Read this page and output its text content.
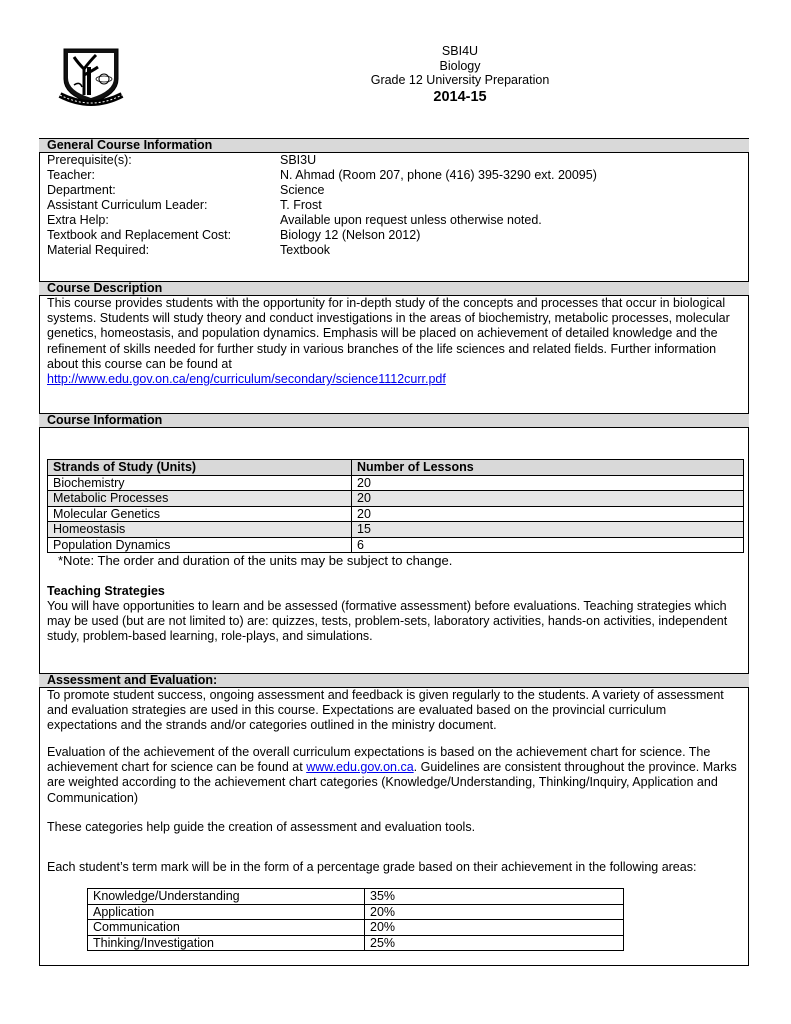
SBI4U
Biology
Grade 12 University Preparation
2014-15
General Course Information
Prerequisite(s):	SBI3U
Teacher:	N. Ahmad (Room 207, phone (416) 395-3290 ext. 20095)
Department:	Science
Assistant Curriculum Leader:	T. Frost
Extra Help:	Available upon request unless otherwise noted.
Textbook and Replacement Cost:	Biology 12 (Nelson 2012)
Material Required:	Textbook
Course Description
This course provides students with the opportunity for in-depth study of the concepts and processes that occur in biological systems. Students will study theory and conduct investigations in the areas of biochemistry, metabolic processes, molecular genetics, homeostasis, and population dynamics. Emphasis will be placed on achievement of detailed knowledge and the refinement of skills needed for further study in various branches of the life sciences and related fields. Further information about this course can be found at
http://www.edu.gov.on.ca/eng/curriculum/secondary/science1112curr.pdf
Course Information
Strands of Study (Units)	Number of Lessons
Biochemistry	20
Metabolic Processes	20
Molecular Genetics	20
Homeostasis	15
Population Dynamics	6
*Note: The order and duration of the units may be subject to change.
Teaching Strategies
You will have opportunities to learn and be assessed (formative assessment) before evaluations. Teaching strategies which may be used (but are not limited to) are: quizzes, tests, problem-sets, laboratory activities, hands-on activities, independent study, problem-based learning, role-plays, and simulations.
Assessment and Evaluation:
To promote student success, ongoing assessment and feedback is given regularly to the students. A variety of assessment and evaluation strategies are used in this course. Expectations are evaluated based on the provincial curriculum expectations and the strands and/or categories outlined in the ministry document.
Evaluation of the achievement of the overall curriculum expectations is based on the achievement chart for science. The achievement chart for science can be found at www.edu.gov.on.ca. Guidelines are consistent throughout the province. Marks are weighted according to the achievement chart categories (Knowledge/Understanding, Thinking/Inquiry, Application and Communication)
These categories help guide the creation of assessment and evaluation tools.
Each student’s term mark will be in the form of a percentage grade based on their achievement in the following areas:
Knowledge/Understanding	35%
Application	20%
Communication	20%
Thinking/Investigation	25%
